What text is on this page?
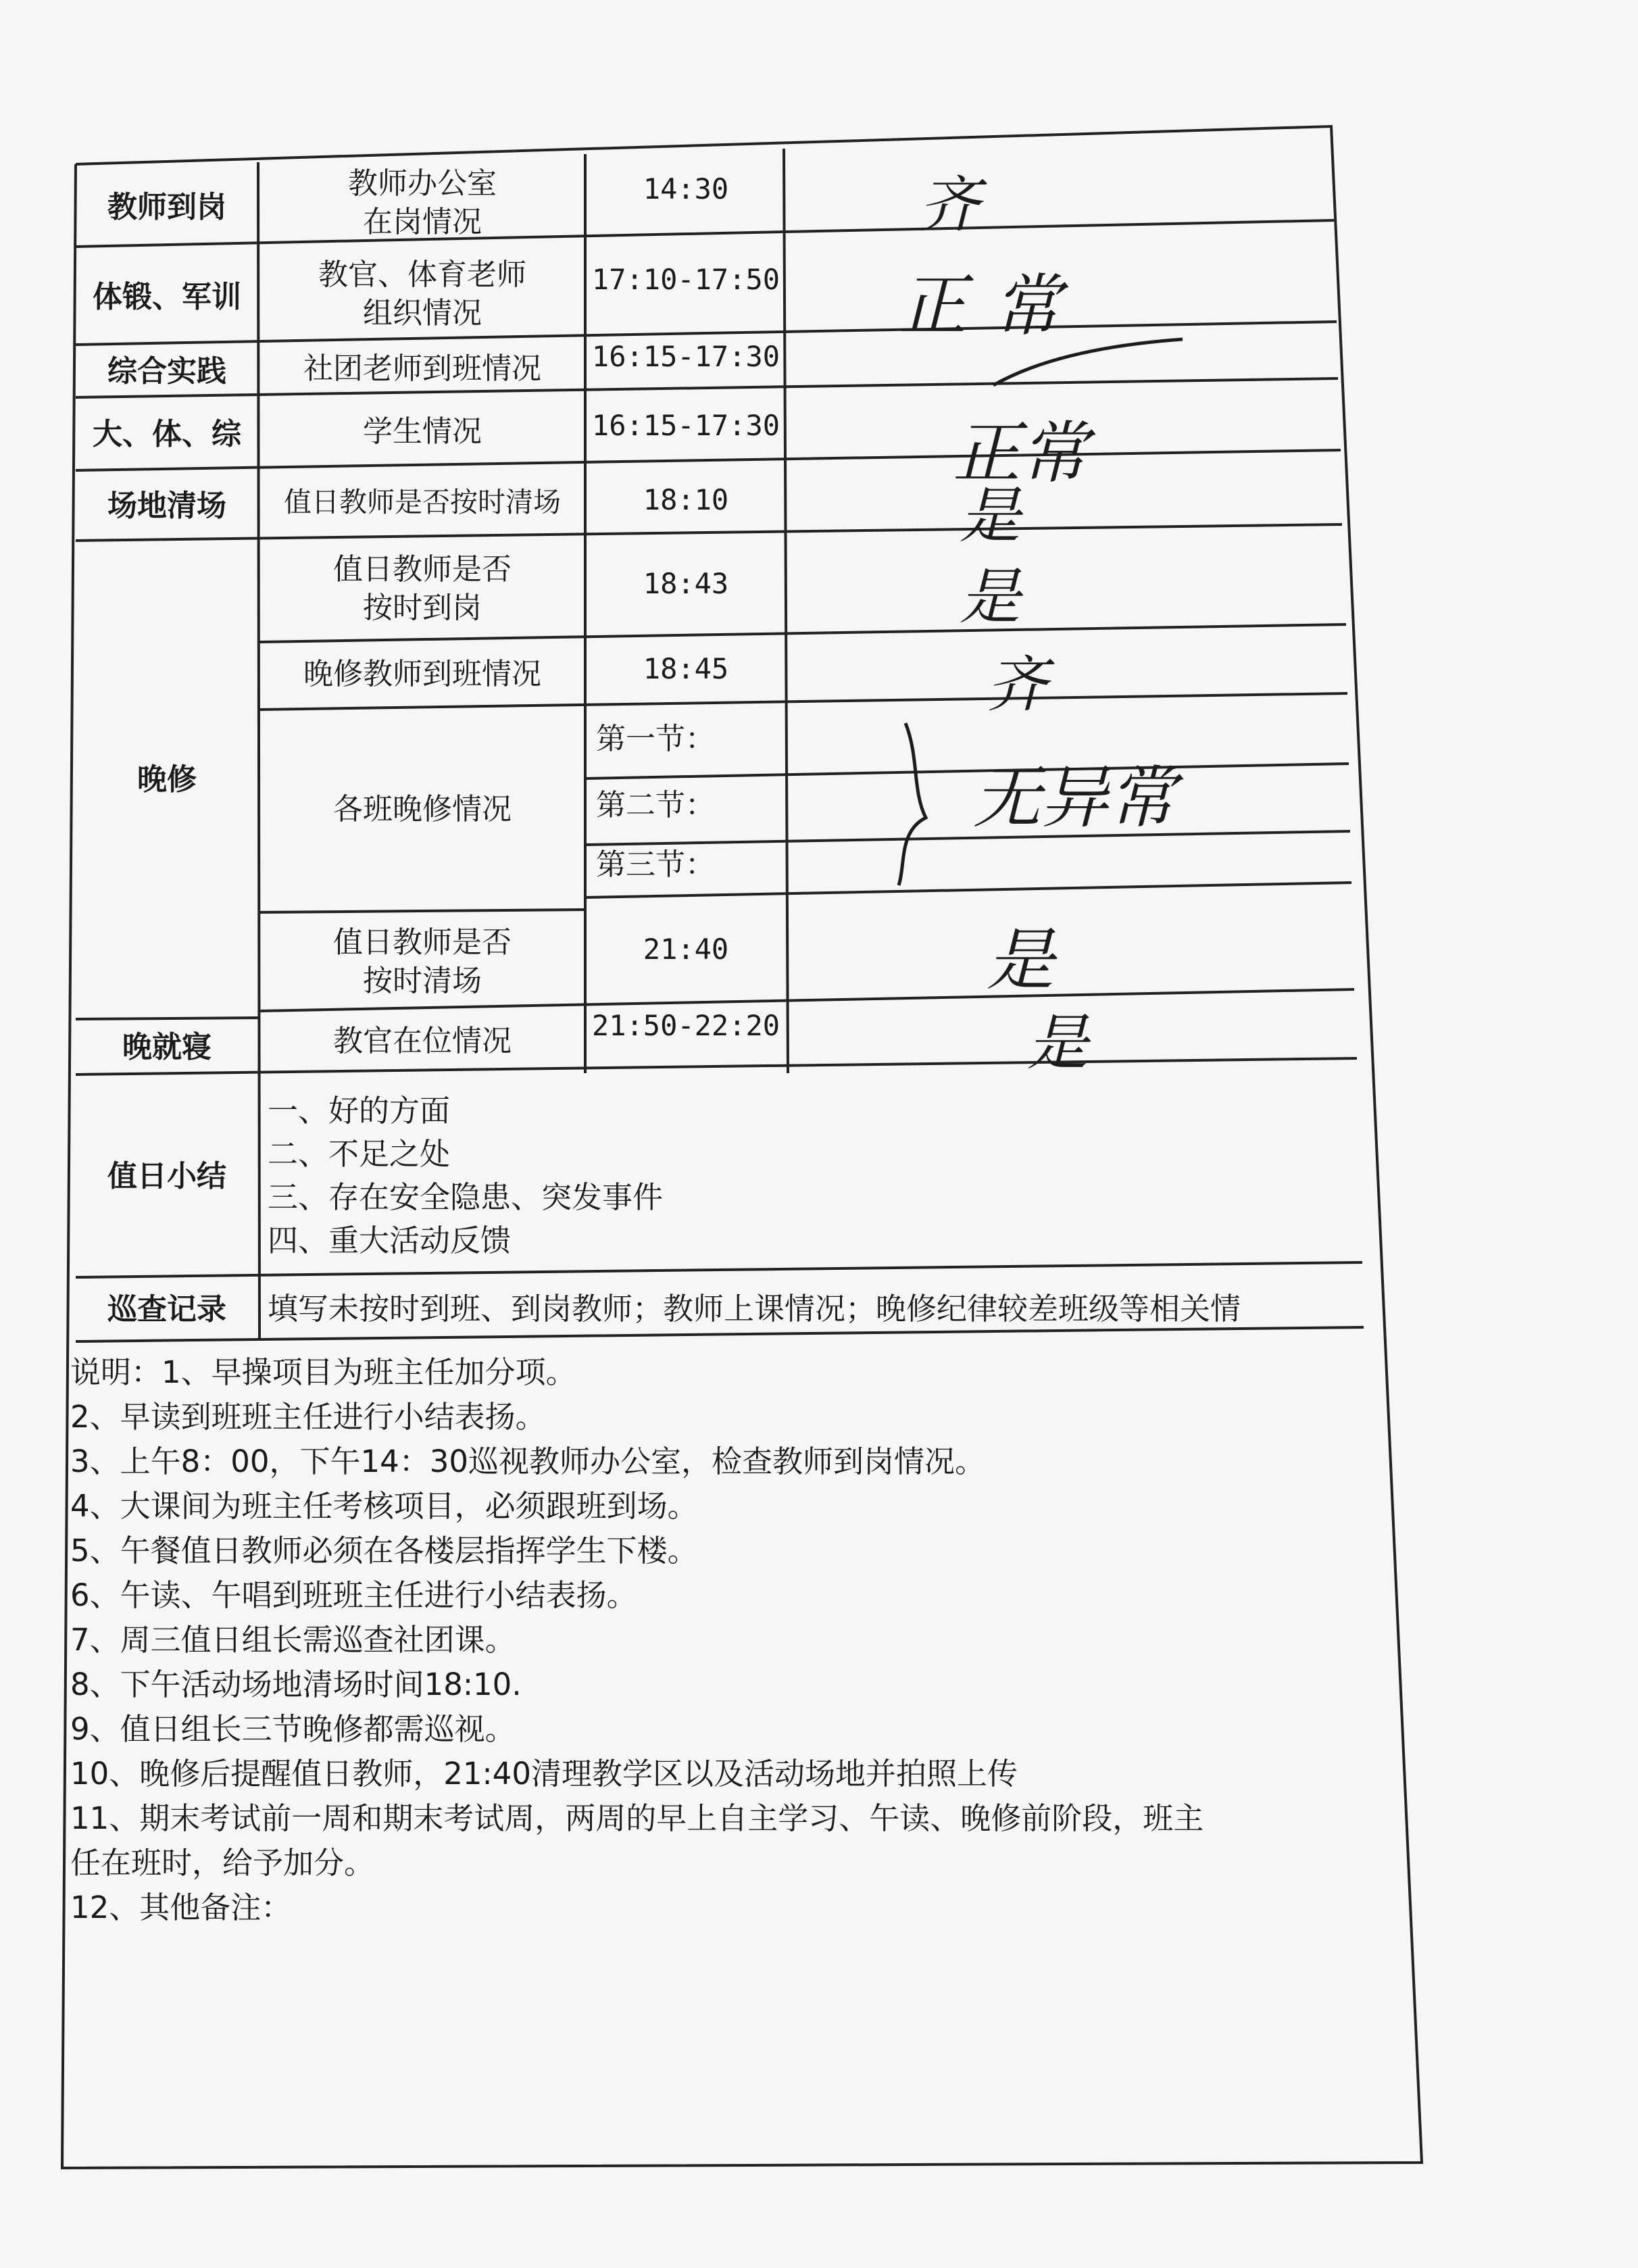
教师到岗
体锻、军训
综合实践
大、体、综
场地清场
晚修
晚就寝
教师办公室
在岗情况
教官、体育老师
组织情况
社团老师到班情况
学生情况
值日教师是否按时清场
值日教师是否
按时到岗
晚修教师到班情况
各班晚修情况
值日教师是否
按时清场
教官在位情况
14:30
17:10-17:50
16:15-17:30
16:15-17:30
18:10
18:43
18:45
第一节：
第二节：
第三节：
21:40
21:50-22:20
齐
正常
正常
是
是
齐
无异常
是
是
值日小结
一、好的方面
二、不足之处
三、存在安全隐患、突发事件
四、重大活动反馈
巡查记录	填写未按时到班、到岗教师；教师上课情况；晚修纪律较差班级等相关情
说明：1、早操项目为班主任加分项。
2、早读到班班主任进行小结表扬。
3、上午8：00，下午14：30巡视教师办公室，检查教师到岗情况。
4、大课间为班主任考核项目，必须跟班到场。
5、午餐值日教师必须在各楼层指挥学生下楼。
6、午读、午唱到班班主任进行小结表扬。
7、周三值日组长需巡查社团课。
8、下午活动场地清场时间18:10.
9、值日组长三节晚修都需巡视。
10、晚修后提醒值日教师，21:40清理教学区以及活动场地并拍照上传
11、期末考试前一周和期末考试周，两周的早上自主学习、午读、晚修前阶段，班主
任在班时，给予加分。
12、其他备注：
